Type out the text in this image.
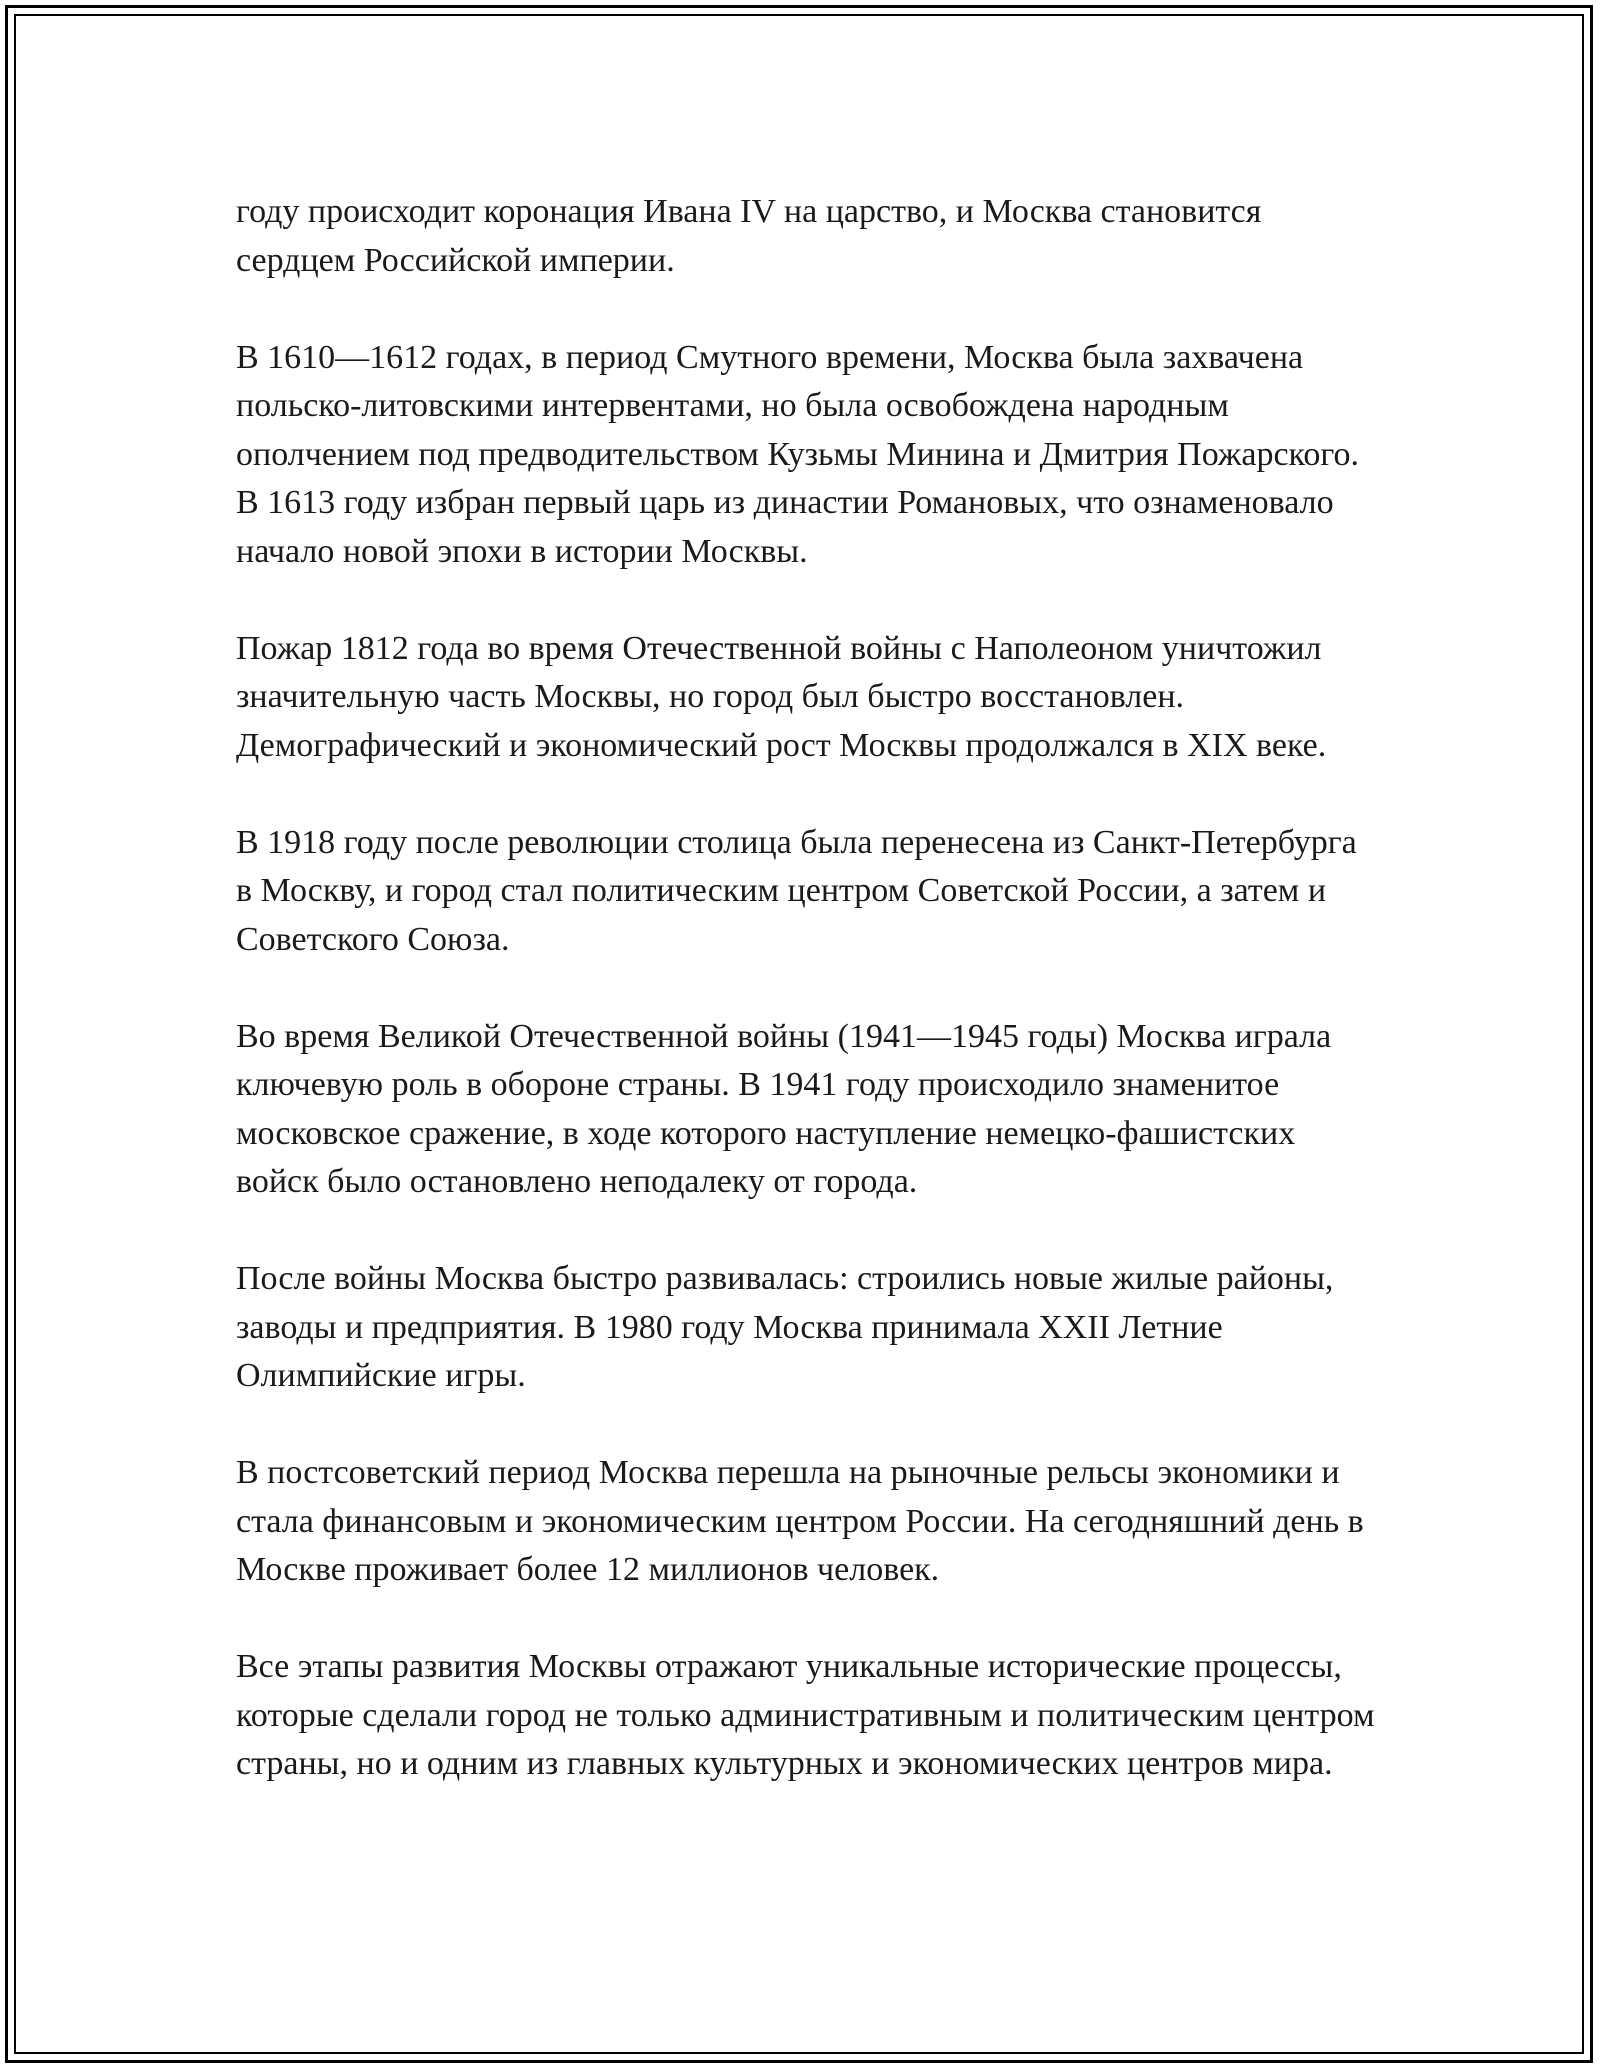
году происходит коронация Ивана IV на царство, и Москва становится сердцем Российской империи.

В 1610—1612 годах, в период Смутного времени, Москва была захвачена польско-литовскими интервентами, но была освобождена народным ополчением под предводительством Кузьмы Минина и Дмитрия Пожарского. В 1613 году избран первый царь из династии Романовых, что ознаменовало начало новой эпохи в истории Москвы.

Пожар 1812 года во время Отечественной войны с Наполеоном уничтожил значительную часть Москвы, но город был быстро восстановлен. Демографический и экономический рост Москвы продолжался в XIX веке.

В 1918 году после революции столица была перенесена из Санкт-Петербурга в Москву, и город стал политическим центром Советской России, а затем и Советского Союза.

Во время Великой Отечественной войны (1941—1945 годы) Москва играла ключевую роль в обороне страны. В 1941 году происходило знаменитое московское сражение, в ходе которого наступление немецко-фашистских войск было остановлено неподалеку от города.

После войны Москва быстро развивалась: строились новые жилые районы, заводы и предприятия. В 1980 году Москва принимала XXII Летние Олимпийские игры.

В постсоветский период Москва перешла на рыночные рельсы экономики и стала финансовым и экономическим центром России. На сегодняшний день в Москве проживает более 12 миллионов человек.

Все этапы развития Москвы отражают уникальные исторические процессы, которые сделали город не только административным и политическим центром страны, но и одним из главных культурных и экономических центров мира.
